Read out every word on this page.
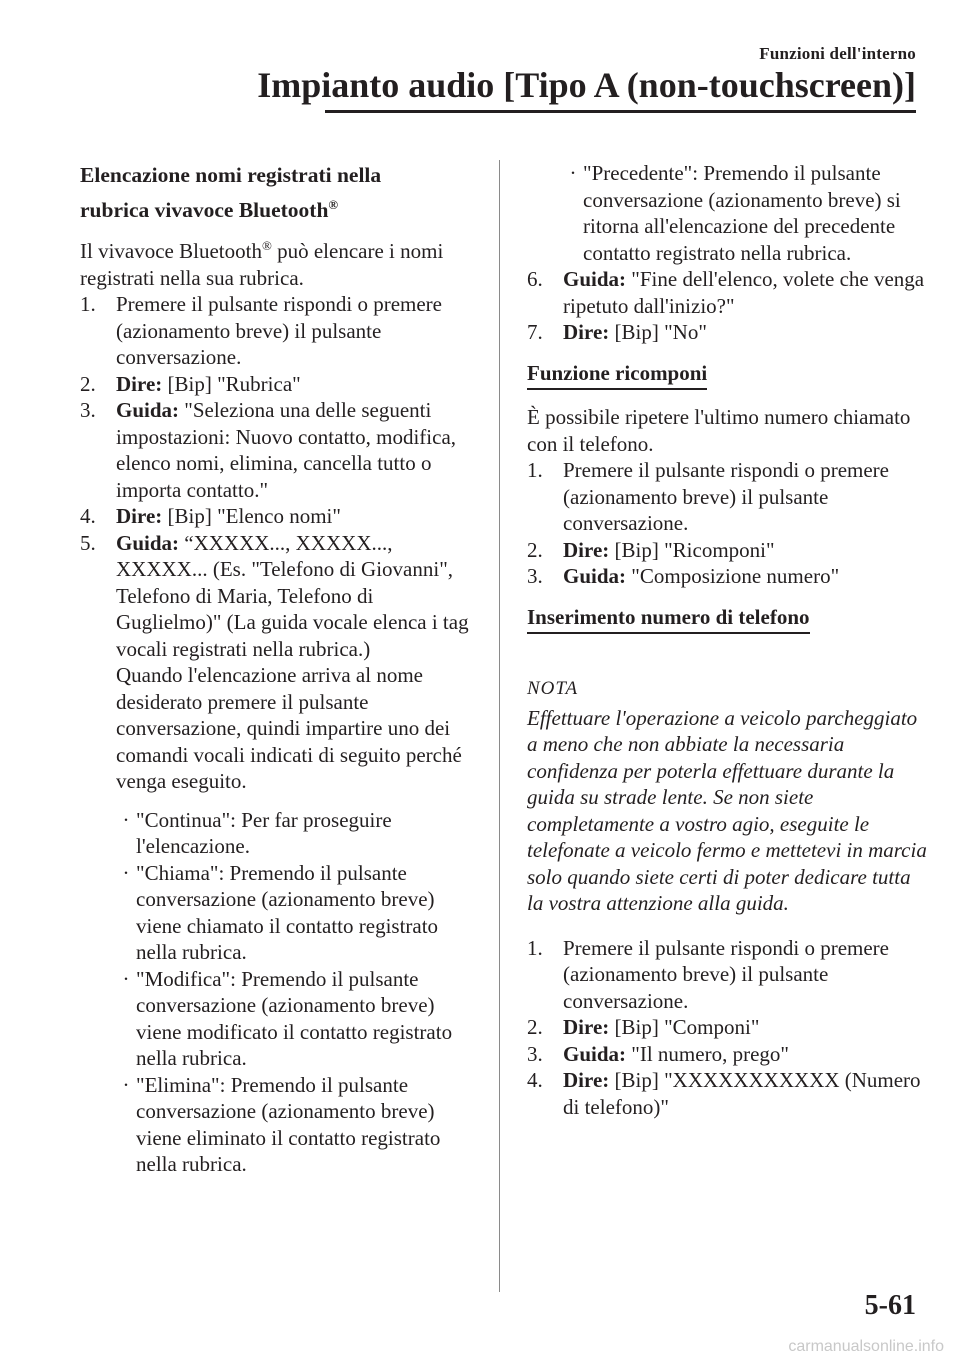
Funzioni dell'interno
Impianto audio [Tipo A (non-touchscreen)]
Elencazione nomi registrati nella
rubrica vivavoce Bluetooth®

Il vivavoce Bluetooth® può elencare i nomi registrati nella sua rubrica.

1. Premere il pulsante rispondi o premere (azionamento breve) il pulsante conversazione.
2. Dire: [Bip] "Rubrica"
3. Guida: "Seleziona una delle seguenti impostazioni: Nuovo contatto, modifica, elenco nomi, elimina, cancella tutto o importa contatto."
4. Dire: [Bip] "Elenco nomi"
5. Guida: “XXXXX..., XXXXX..., XXXXX... (Es. "Telefono di Giovanni", Telefono di Maria, Telefono di Guglielmo)" (La guida vocale elenca i tag vocali registrati nella rubrica.)

Quando l'elencazione arriva al nome desiderato premere il pulsante conversazione, quindi impartire uno dei comandi vocali indicati di seguito perché venga eseguito.

· "Continua": Per far proseguire l'elencazione.
· "Chiama": Premendo il pulsante conversazione (azionamento breve) viene chiamato il contatto registrato nella rubrica.
· "Modifica": Premendo il pulsante conversazione (azionamento breve) viene modificato il contatto registrato nella rubrica.
· "Elimina": Premendo il pulsante conversazione (azionamento breve) viene eliminato il contatto registrato nella rubrica.
· "Precedente": Premendo il pulsante conversazione (azionamento breve) si ritorna all'elencazione del precedente contatto registrato nella rubrica.
6. Guida: "Fine dell'elenco, volete che venga ripetuto dall'inizio?"
7. Dire: [Bip] "No"
Funzione ricomponi

È possibile ripetere l'ultimo numero chiamato con il telefono.

1. Premere il pulsante rispondi o premere (azionamento breve) il pulsante conversazione.
2. Dire: [Bip] "Ricomponi"
3. Guida: "Composizione numero"
Inserimento numero di telefono
NOTA

Effettuare l'operazione a veicolo parcheggiato a meno che non abbiate la necessaria confidenza per poterla effettuare durante la guida su strade lente. Se non siete completamente a vostro agio, eseguite le telefonate a veicolo fermo e mettetevi in marcia solo quando siete certi di poter dedicare tutta la vostra attenzione alla guida.

1. Premere il pulsante rispondi o premere (azionamento breve) il pulsante conversazione.
2. Dire: [Bip] "Componi"
3. Guida: "Il numero, prego"
4. Dire: [Bip] "XXXXXXXXXXX (Numero di telefono)"
5-61
carmanualsonline.info
